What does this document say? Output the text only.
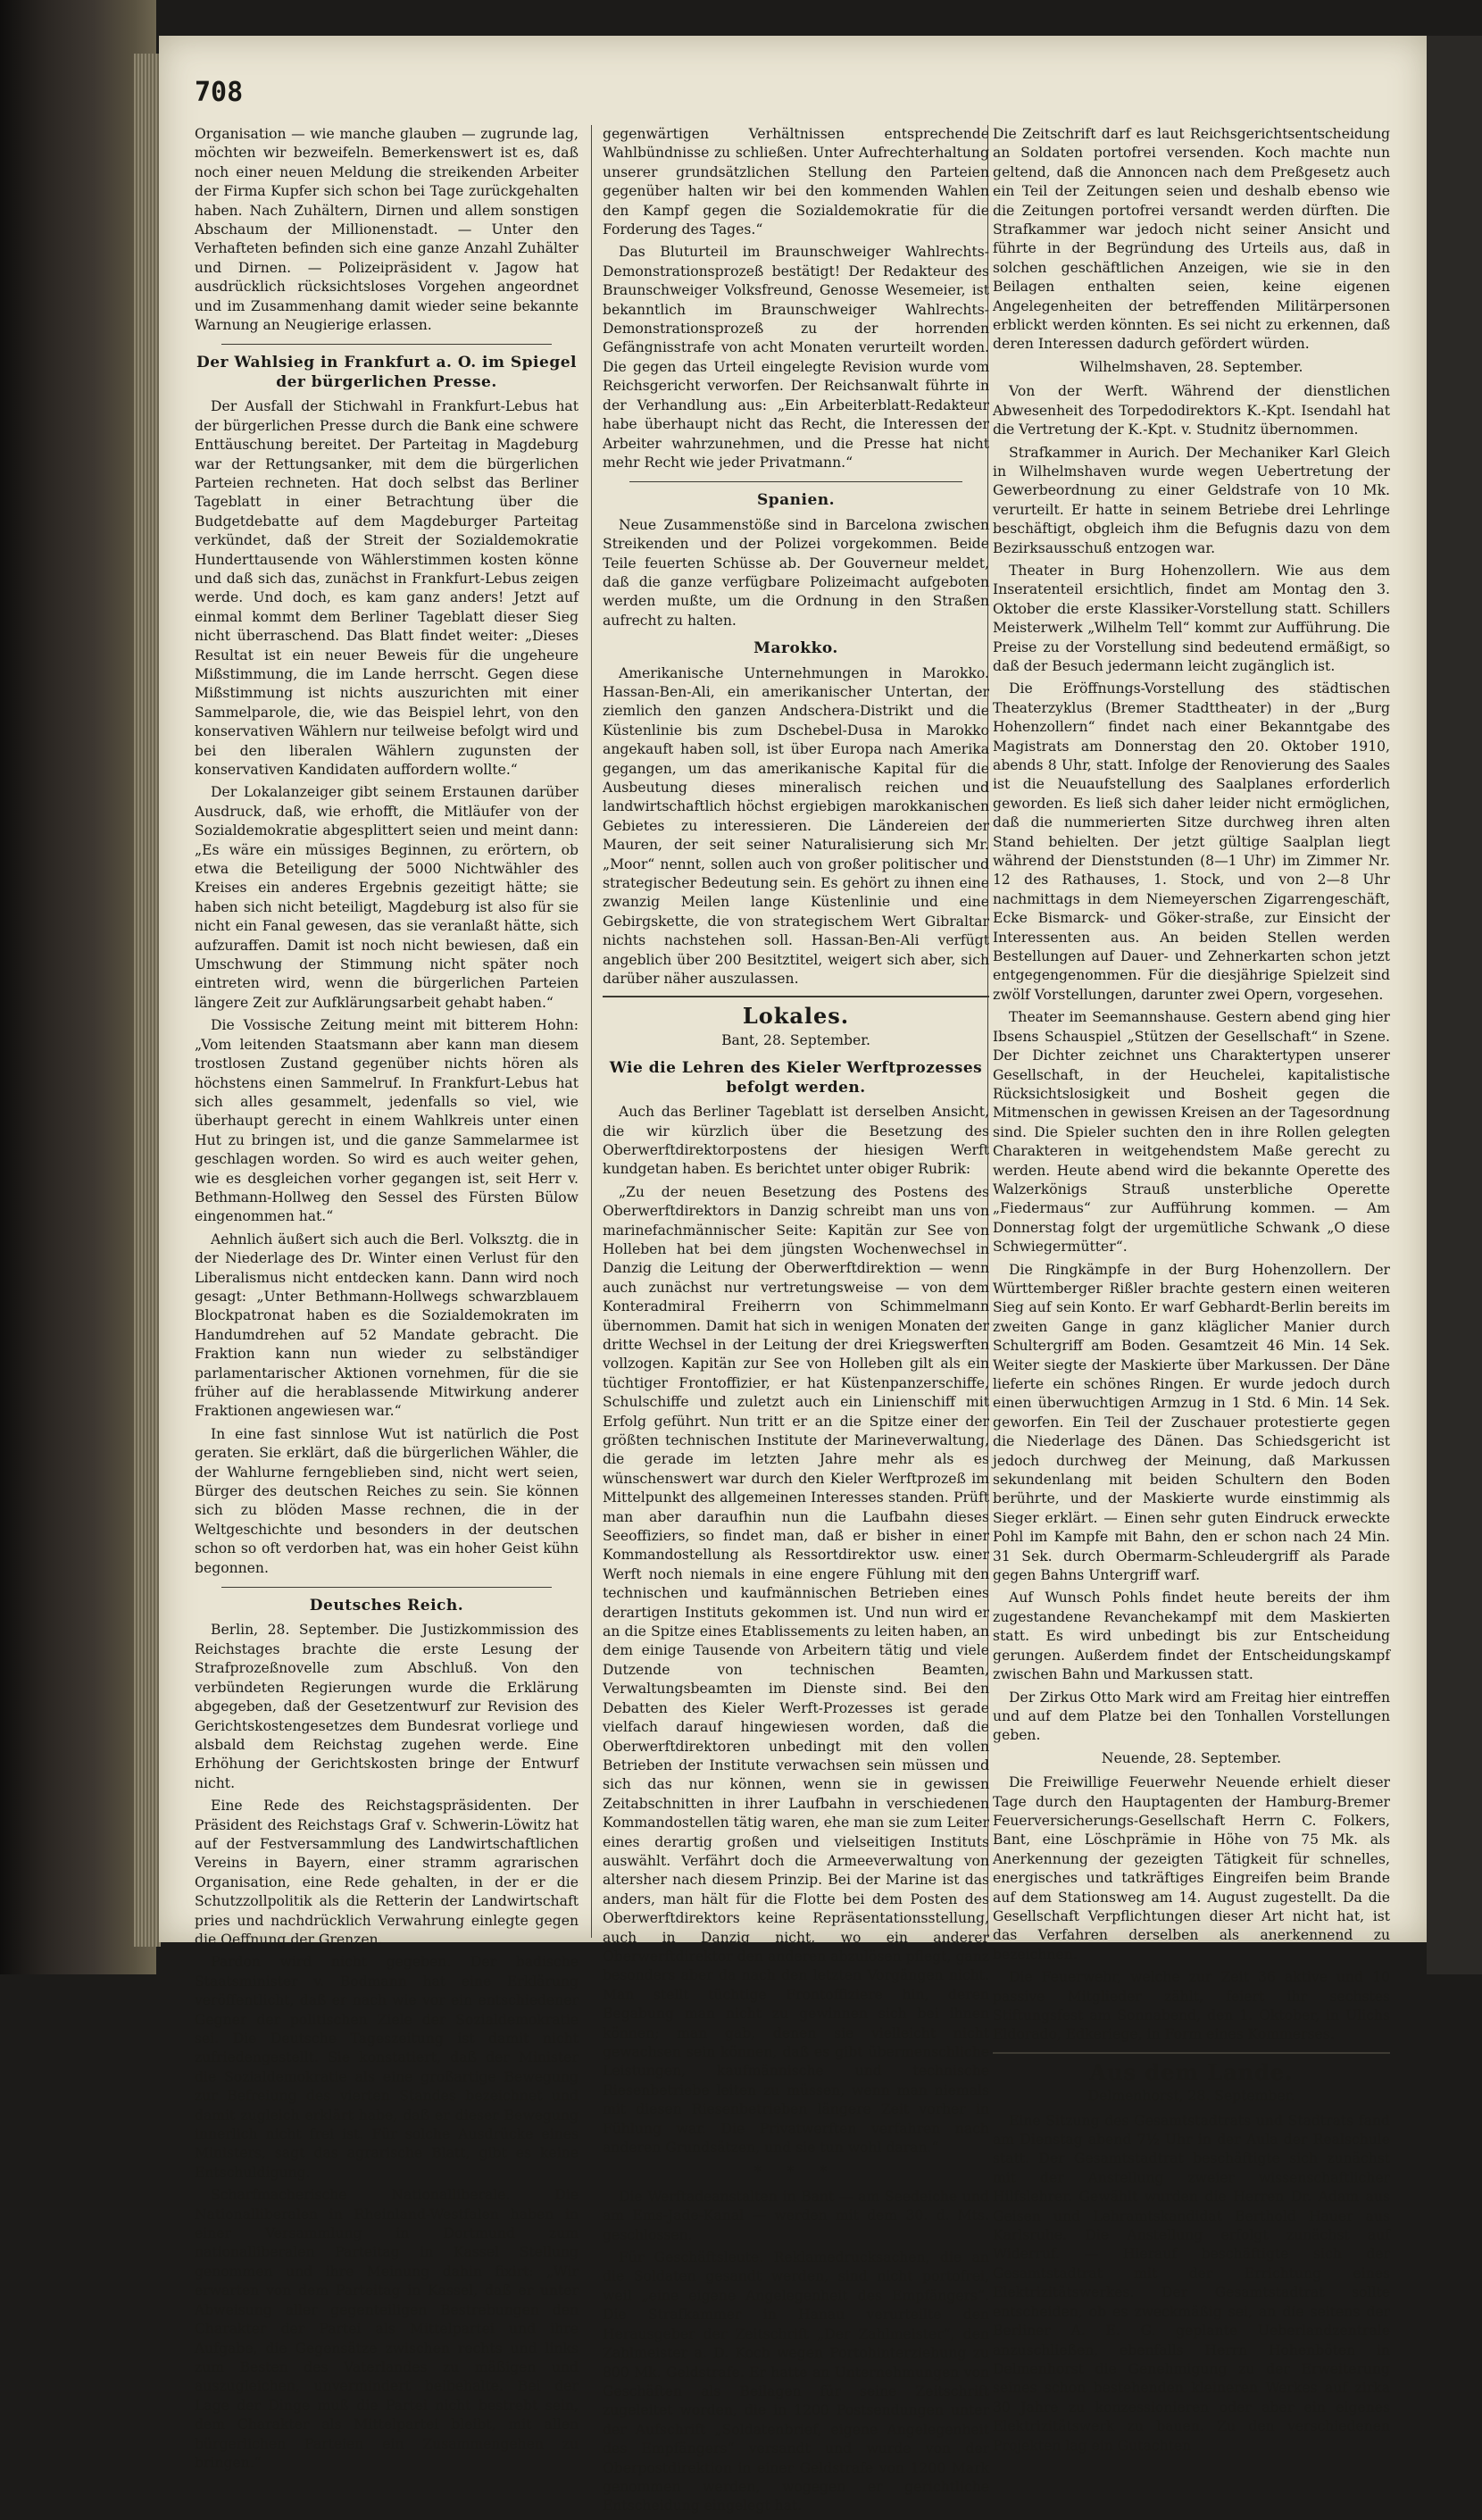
708

Organisation — wie manche glauben — zugrunde lag, möchten wir bezweifeln. Bemerkenswert ist es, daß noch einer neuen Meldung die streikenden Arbeiter der Firma Kupfer sich schon bei Tage zurückgehalten haben. Nach Zuhältern, Dirnen und allem sonstigen Abschaum der Millionenstadt. — Unter den Verhafteten befinden sich eine ganze Anzahl Zuhälter und Dirnen. — Polizeipräsident v. Jagow hat ausdrücklich rücksichtsloses Vorgehen angeordnet und im Zusammenhang damit wieder seine bekannte Warnung an Neugierige erlassen.

Der Wahlsieg in Frankfurt a. O. im Spiegel der bürgerlichen Presse.

Der Ausfall der Stichwahl in Frankfurt-Lebus hat der bürgerlichen Presse durch die Bank eine schwere Enttäuschung bereitet. Der Parteitag in Magdeburg war der Rettungsanker, mit dem die bürgerlichen Parteien rechneten. Hat doch selbst das Berliner Tageblatt in einer Betrachtung über die Budgetdebatte auf dem Magdeburger Parteitag verkündet, daß der Streit der Sozialdemokratie Hunderttausende von Wählerstimmen kosten könne und daß sich das, zunächst in Frankfurt-Lebus zeigen werde. Und doch, es kam ganz anders! Jetzt auf einmal kommt dem Berliner Tageblatt dieser Sieg nicht überraschend. Das Blatt findet weiter: „Dieses Resultat ist ein neuer Beweis für die ungeheure Mißstimmung, die im Lande herrscht. Gegen diese Mißstimmung ist nichts auszurichten mit einer Sammelparole, die, wie das Beispiel lehrt, von den konservativen Wählern nur teilweise befolgt wird und bei den liberalen Wählern zugunsten der konservativen Kandidaten auffordern wollte.“

Der Lokalanzeiger gibt seinem Erstaunen darüber Ausdruck, daß, wie erhofft, die Mitläufer von der Sozialdemokratie abgesplittert seien und meint dann: „Es wäre ein müssiges Beginnen, zu erörtern, ob etwa die Beteiligung der 5000 Nichtwähler des Kreises ein anderes Ergebnis gezeitigt hätte; sie haben sich nicht beteiligt, Magdeburg ist also für sie nicht ein Fanal gewesen, das sie veranlaßt hätte, sich aufzuraffen. Damit ist noch nicht bewiesen, daß ein Umschwung der Stimmung nicht später noch eintreten wird, wenn die bürgerlichen Parteien längere Zeit zur Aufklärungsarbeit gehabt haben.“

Die Vossische Zeitung meint mit bitterem Hohn: „Vom leitenden Staatsmann aber kann man diesem trostlosen Zustand gegenüber nichts hören als höchstens einen Sammelruf. In Frankfurt-Lebus hat sich alles gesammelt, jedenfalls so viel, wie überhaupt gerecht in einem Wahlkreis unter einen Hut zu bringen ist, und die ganze Sammelarmee ist geschlagen worden. So wird es auch weiter gehen, wie es desgleichen vorher gegangen ist, seit Herr v. Bethmann-Hollweg den Sessel des Fürsten Bülow eingenommen hat.“

Aehnlich äußert sich auch die Berl. Volksztg. die in der Niederlage des Dr. Winter einen Verlust für den Liberalismus nicht entdecken kann. Dann wird noch gesagt: „Unter Bethmann-Hollwegs schwarzblauem Blockpatronat haben es die Sozialdemokraten im Handumdrehen auf 52 Mandate gebracht. Die Fraktion kann nun wieder zu selbständiger parlamentarischer Aktionen vornehmen, für die sie früher auf die herablassende Mitwirkung anderer Fraktionen angewiesen war.“

In eine fast sinnlose Wut ist natürlich die Post geraten. Sie erklärt, daß die bürgerlichen Wähler, die der Wahlurne ferngeblieben sind, nicht wert seien, Bürger des deutschen Reiches zu sein. Sie können sich zu blöden Masse rechnen, die in der Weltgeschichte und besonders in der deutschen schon so oft verdorben hat, was ein hoher Geist kühn begonnen.

Deutsches Reich.

Berlin, 28. September. Die Justizkommission des Reichstages brachte die erste Lesung der Strafprozeßnovelle zum Abschluß. Von den verbündeten Regierungen wurde die Erklärung abgegeben, daß der Gesetzentwurf zur Revision des Gerichtskostengesetzes dem Bundesrat vorliege und alsbald dem Reichstag zugehen werde. Eine Erhöhung der Gerichtskosten bringe der Entwurf nicht.

Eine Rede des Reichstagspräsidenten. Der Präsident des Reichstags Graf v. Schwerin-Löwitz hat auf der Festversammlung des Landwirtschaftlichen Vereins in Bayern, einer stramm agrarischen Organisation, eine Rede gehalten, in der er die Schutzzollpolitik als die Retterin der Landwirtschaft pries und nachdrücklich Verwahrung einlegte gegen die Oeffnung der Grenzen.

Pardon wird nicht gegeben. Der badische Staatsminister v. Bodmann hat eine Erklärung veröffentlicht, daß er nach wie vor ein entschiedener Gegner der politischen Ziele der Sozialdemokratie sei. Die Deutsche Tageszeitung ist damit nicht zufriedengestellt. Sie konstatiert, daß der Minister die Sozialdemokratie als eine großartige Bewegung zur Befreiung des vierten Standes bezeichnet und damit zugleich erklärt habe, daß er dieser Bewegung innerlich nicht frei ist. Für solche Ausdrücke eines Ministers, sagt das agrarische Blatt, gibt es keine Entschuldigung.

Scharfmacherische Nationalliberale. Die Nationalliberalen in Rheinland-Westfalen haben in einer Versammlung in Dortmund zum nationalliberalen Parteitag in Kassel Stellung genommen und ihre Meinung dahin fixirt: „Wir erwarten von dem Parteitag in Kassel, daß er unter Abweisung aller gegenteiligen Bestrebungen den Charakter der Partei als Mittelpartei und ihre Aufgabe, die Gegensätze zwischen rechts und links zum Besten des Vaterlandes zu mäßigen und auszugleichen, unvermindert beibehalte. Bei der Lage der Dinge muß die Partei nicht bestrebt sein, dem Charakter als Mittelpartei bleibt, mit allen bürgerlichen Parteien ein Zusammengehen zu bringen.“

gegenwärtigen Verhältnissen entsprechende Wahlbündnisse zu schließen. Unter Aufrechterhaltung unserer grundsätzlichen Stellung den Parteien gegenüber halten wir bei den kommenden Wahlen den Kampf gegen die Sozialdemokratie für die Forderung des Tages.“

Das Bluturteil im Braunschweiger Wahlrechts-Demonstrationsprozeß bestätigt! Der Redakteur des Braunschweiger Volksfreund, Genosse Wesemeier, ist bekanntlich im Braunschweiger Wahlrechts-Demonstrationsprozeß zu der horrenden Gefängnisstrafe von acht Monaten verurteilt worden. Die gegen das Urteil eingelegte Revision wurde vom Reichsgericht verworfen. Der Reichsanwalt führte in der Verhandlung aus: „Ein Arbeiterblatt-Redakteur habe überhaupt nicht das Recht, die Interessen der Arbeiter wahrzunehmen, und die Presse hat nicht mehr Recht wie jeder Privatmann.“

Spanien.

Neue Zusammenstöße sind in Barcelona zwischen Streikenden und der Polizei vorgekommen. Beide Teile feuerten Schüsse ab. Der Gouverneur meldet, daß die ganze verfügbare Polizeimacht aufgeboten werden mußte, um die Ordnung in den Straßen aufrecht zu halten.

Marokko.

Amerikanische Unternehmungen in Marokko. Hassan-Ben-Ali, ein amerikanischer Untertan, der ziemlich den ganzen Andschera-Distrikt und die Küstenlinie bis zum Dschebel-Dusa in Marokko angekauft haben soll, ist über Europa nach Amerika gegangen, um das amerikanische Kapital für die Ausbeutung dieses mineralisch reichen und landwirtschaftlich höchst ergiebigen marokkanischen Gebietes zu interessieren. Die Ländereien der Mauren, der seit seiner Naturalisierung sich Mr. „Moor“ nennt, sollen auch von großer politischer und strategischer Bedeutung sein. Es gehört zu ihnen eine zwanzig Meilen lange Küstenlinie und eine Gebirgskette, die von strategischem Wert Gibraltar nichts nachstehen soll. Hassan-Ben-Ali verfügt angeblich über 200 Besitztitel, weigert sich aber, sich darüber näher auszulassen.

Lokales.
Bant, 28. September.
Wie die Lehren des Kieler Werftprozesses befolgt werden.

Auch das Berliner Tageblatt ist derselben Ansicht, die wir kürzlich über die Besetzung des Oberwerftdirektorpostens der hiesigen Werft kundgetan haben. Es berichtet unter obiger Rubrik:

„Zu der neuen Besetzung des Postens des Oberwerftdirektors in Danzig schreibt man uns von marinefachmännischer Seite: Kapitän zur See von Holleben hat bei dem jüngsten Wochenwechsel in Danzig die Leitung der Oberwerftdirektion — wenn auch zunächst nur vertretungsweise — von dem Konteradmiral Freiherrn von Schimmelmann übernommen. Damit hat sich in wenigen Monaten der dritte Wechsel in der Leitung der drei Kriegswerften vollzogen. Kapitän zur See von Holleben gilt als ein tüchtiger Frontoffizier, er hat Küstenpanzerschiffe, Schulschiffe und zuletzt auch ein Linienschiff mit Erfolg geführt. Nun tritt er an die Spitze einer der größten technischen Institute der Marineverwaltung, die gerade im letzten Jahre mehr als es wünschenswert war durch den Kieler Werftprozeß im Mittelpunkt des allgemeinen Interesses standen. Prüft man aber daraufhin nun die Laufbahn dieses Seeoffiziers, so findet man, daß er bisher in einer Kommandostellung als Ressortdirektor usw. einer Werft noch niemals in eine engere Fühlung mit den technischen und kaufmännischen Betrieben eines derartigen Instituts gekommen ist. Und nun wird er an die Spitze eines Etablissements zu leiten haben, an dem einige Tausende von Arbeitern tätig und viele Dutzende von technischen Beamten, Verwaltungsbeamten im Dienste sind. Bei den Debatten des Kieler Werft-Prozesses ist gerade vielfach darauf hingewiesen worden, daß die Oberwerftdirektoren unbedingt mit den vollen Betrieben der Institute verwachsen sein müssen und sich das nur können, wenn sie in gewissen Zeitabschnitten in ihrer Laufbahn in verschiedenen Kommandostellen tätig waren, ehe man sie zum Leiter eines derartig großen und vielseitigen Instituts auswählt. Verfährt doch die Armeeverwaltung von altersher nach diesem Prinzip. Bei der Marine ist das anders, man hält für die Flotte bei dem Posten des Oberwerftdirektors keine Repräsentationsstellung, auch in Danzig nicht, wo ein anderer Oberwerftdirektor den anderen abzulösen pflegt, ganz besonders aber da nach den letzten Vorgängen nicht. Man stellt tüchtige Frontoffiziere hin, deren Begabung man nicht zu gewinnen sich bei ihnen können; man gab, denen sie vielleicht nicht gewachsen sein können, daß es gibt übermenschliche Leistungen, kaufmännische und technische Riesenbetriebe leiten zu müssen, wenn man niemals mit diesen Riesenbetrieben längere Zeit vorher in Fühlung war. Die Privatwerften verfahren nach anderen Grundsätzen, und sie tun wohl daran.“

* * *

Die Werftadeanstalten in Bant — am Seedeiche und am Ems-Jade-Kanal — werden mit dem 30. d. Mts. geschlossen.

Für Geschäftsleute. Reklamedrucksachen, die an die Soldaten gesandt werden, sind nicht portofrei, weil „eine eigene Angelegenheit des Empfängers“. Die Strafkammer in Hanau verurteilte den Herausgeber der Zeitschrift „Der Zahlmeister“, den Zahlmeister a. D. Koch wegen Portohinterziehung zu 800 Mk. Geldstrafe. Er hatte an Unternehmungen von Geschäften als Beilagen für seine Zeitschrift zugeleitet worden, die in 1200 Postsendungen unter der Aufschrift „Soldatenbrief, eigene Angelegenheit des Empfängers“ versandt und wurde von der Oberpostdirektion in einer Geldstrafe von 1200 Mark genommen werden, wogegen er gerichtliche Entscheidung eingelegt hat.

Die Zeitschrift darf es laut Reichsgerichtsentscheidung an Soldaten portofrei versenden. Koch machte nun geltend, daß die Annoncen nach dem Preßgesetz auch ein Teil der Zeitungen seien und deshalb ebenso wie die Zeitungen portofrei versandt werden dürften. Die Strafkammer war jedoch nicht seiner Ansicht und führte in der Begründung des Urteils aus, daß in solchen geschäftlichen Anzeigen, wie sie in den Beilagen enthalten seien, keine eigenen Angelegenheiten der betreffenden Militärpersonen erblickt werden könnten. Es sei nicht zu erkennen, daß deren Interessen dadurch gefördert würden.

Wilhelmshaven, 28. September.

Von der Werft. Während der dienstlichen Abwesenheit des Torpedodirektors K.-Kpt. Isendahl hat die Vertretung der K.-Kpt. v. Studnitz übernommen.

Strafkammer in Aurich. Der Mechaniker Karl Gleich in Wilhelmshaven wurde wegen Uebertretung der Gewerbeordnung zu einer Geldstrafe von 10 Mk. verurteilt. Er hatte in seinem Betriebe drei Lehrlinge beschäftigt, obgleich ihm die Befugnis dazu von dem Bezirksausschuß entzogen war.

Theater in Burg Hohenzollern. Wie aus dem Inseratenteil ersichtlich, findet am Montag den 3. Oktober die erste Klassiker-Vorstellung statt. Schillers Meisterwerk „Wilhelm Tell“ kommt zur Aufführung. Die Preise zu der Vorstellung sind bedeutend ermäßigt, so daß der Besuch jedermann leicht zugänglich ist.

Die Eröffnungs-Vorstellung des städtischen Theaterzyklus (Bremer Stadttheater) in der „Burg Hohenzollern“ findet nach einer Bekanntgabe des Magistrats am Donnerstag den 20. Oktober 1910, abends 8 Uhr, statt. Infolge der Renovierung des Saales ist die Neuaufstellung des Saalplanes erforderlich geworden. Es ließ sich daher leider nicht ermöglichen, daß die nummerierten Sitze durchweg ihren alten Stand behielten. Der jetzt gültige Saalplan liegt während der Dienststunden (8—1 Uhr) im Zimmer Nr. 12 des Rathauses, 1. Stock, und von 2—8 Uhr nachmittags in dem Niemeyerschen Zigarrengeschäft, Ecke Bismarck- und Göker-straße, zur Einsicht der Interessenten aus. An beiden Stellen werden Bestellungen auf Dauer- und Zehnerkarten schon jetzt entgegengenommen. Für die diesjährige Spielzeit sind zwölf Vorstellungen, darunter zwei Opern, vorgesehen.

Theater im Seemannshause. Gestern abend ging hier Ibsens Schauspiel „Stützen der Gesellschaft“ in Szene. Der Dichter zeichnet uns Charaktertypen unserer Gesellschaft, in der Heuchelei, kapitalistische Rücksichtslosigkeit und Bosheit gegen die Mitmenschen in gewissen Kreisen an der Tagesordnung sind. Die Spieler suchten den in ihre Rollen gelegten Charakteren in weitgehendstem Maße gerecht zu werden. Heute abend wird die bekannte Operette des Walzerkönigs Strauß unsterbliche Operette „Fiedermaus“ zur Aufführung kommen. — Am Donnerstag folgt der urgemütliche Schwank „O diese Schwiegermütter“.

Die Ringkämpfe in der Burg Hohenzollern. Der Württemberger Rißler brachte gestern einen weiteren Sieg auf sein Konto. Er warf Gebhardt-Berlin bereits im zweiten Gange in ganz kläglicher Manier durch Schultergriff am Boden. Gesamtzeit 46 Min. 14 Sek. Weiter siegte der Maskierte über Markussen. Der Däne lieferte ein schönes Ringen. Er wurde jedoch durch einen überwuchtigen Armzug in 1 Std. 6 Min. 14 Sek. geworfen. Ein Teil der Zuschauer protestierte gegen die Niederlage des Dänen. Das Schiedsgericht ist jedoch durchweg der Meinung, daß Markussen sekundenlang mit beiden Schultern den Boden berührte, und der Maskierte wurde einstimmig als Sieger erklärt. — Einen sehr guten Eindruck erweckte Pohl im Kampfe mit Bahn, den er schon nach 24 Min. 31 Sek. durch Obermarm-Schleudergriff als Parade gegen Bahns Untergriff warf.

Auf Wunsch Pohls findet heute bereits der ihm zugestandene Revanchekampf mit dem Maskierten statt. Es wird unbedingt bis zur Entscheidung gerungen. Außerdem findet der Entscheidungskampf zwischen Bahn und Markussen statt.

Der Zirkus Otto Mark wird am Freitag hier eintreffen und auf dem Platze bei den Tonhallen Vorstellungen geben.

Neuende, 28. September.

Die Freiwillige Feuerwehr Neuende erhielt dieser Tage durch den Hauptagenten der Hamburg-Bremer Feuerversicherungs-Gesellschaft Herrn C. Folkers, Bant, eine Löschprämie in Höhe von 75 Mk. als Anerkennung der gezeigten Tätigkeit für schnelles, energisches und tatkräftiges Eingreifen beim Brande auf dem Stationsweg am 14. August zugestellt. Da die Gesellschaft Verpflichtungen dieser Art nicht hat, ist das Verfahren derselben als anerkennend zu bezeichnen.

Die Feuerwehr, welche zur Zeit 36 aktive und 10 passive Mitglieder zählt, feiert ihr sechstes Stiftungsfest am Sonnabend, den 1. Oktober, in Ulichs Eldorado, Edkeriege, in Form eines Kommerses.

Aus dem Lande.
Delmenhorst, 28. September.

Eine Sitzung des Gesamtstadtrats und Stadtrats fand am Dienstag abend 7½ Uhr in der Aula der Realschule statt. Der Gesamtstadtrat beschäftigte sich zunächst mit der Anstellung zweier wissenschaftlicher Hilfslehrer. Gewählt wurden die Herren Dr. Adam aus Geisen und Lehramtskandidat Berthold Hauer aus Karlsruhe. Die Anstellung erfolgt zunächst auf Widerruf. — Hierauf beschäftigte sich der Gesamtstadtrat mit der Errichtung eines Elektrizitätswerkes. Der Gesamtstadtrat sollte entscheiden, ob es zweckmäßig sei, an die seitens der Berliner A. E. G. geplante Ueberlandzentrale anzuschließen, ebenfalls Herrn Hohenböten in Delmenhorst die Genehmigung zu der Erweiterung seines schon bestehenden kleineren Werkes auf zirka 30 Jahre zu konzessionieren oder aber ein eigenes Elektrizitätswerk zu bauen. Zu den verschiedenen Projekten lag ein Gutachten
